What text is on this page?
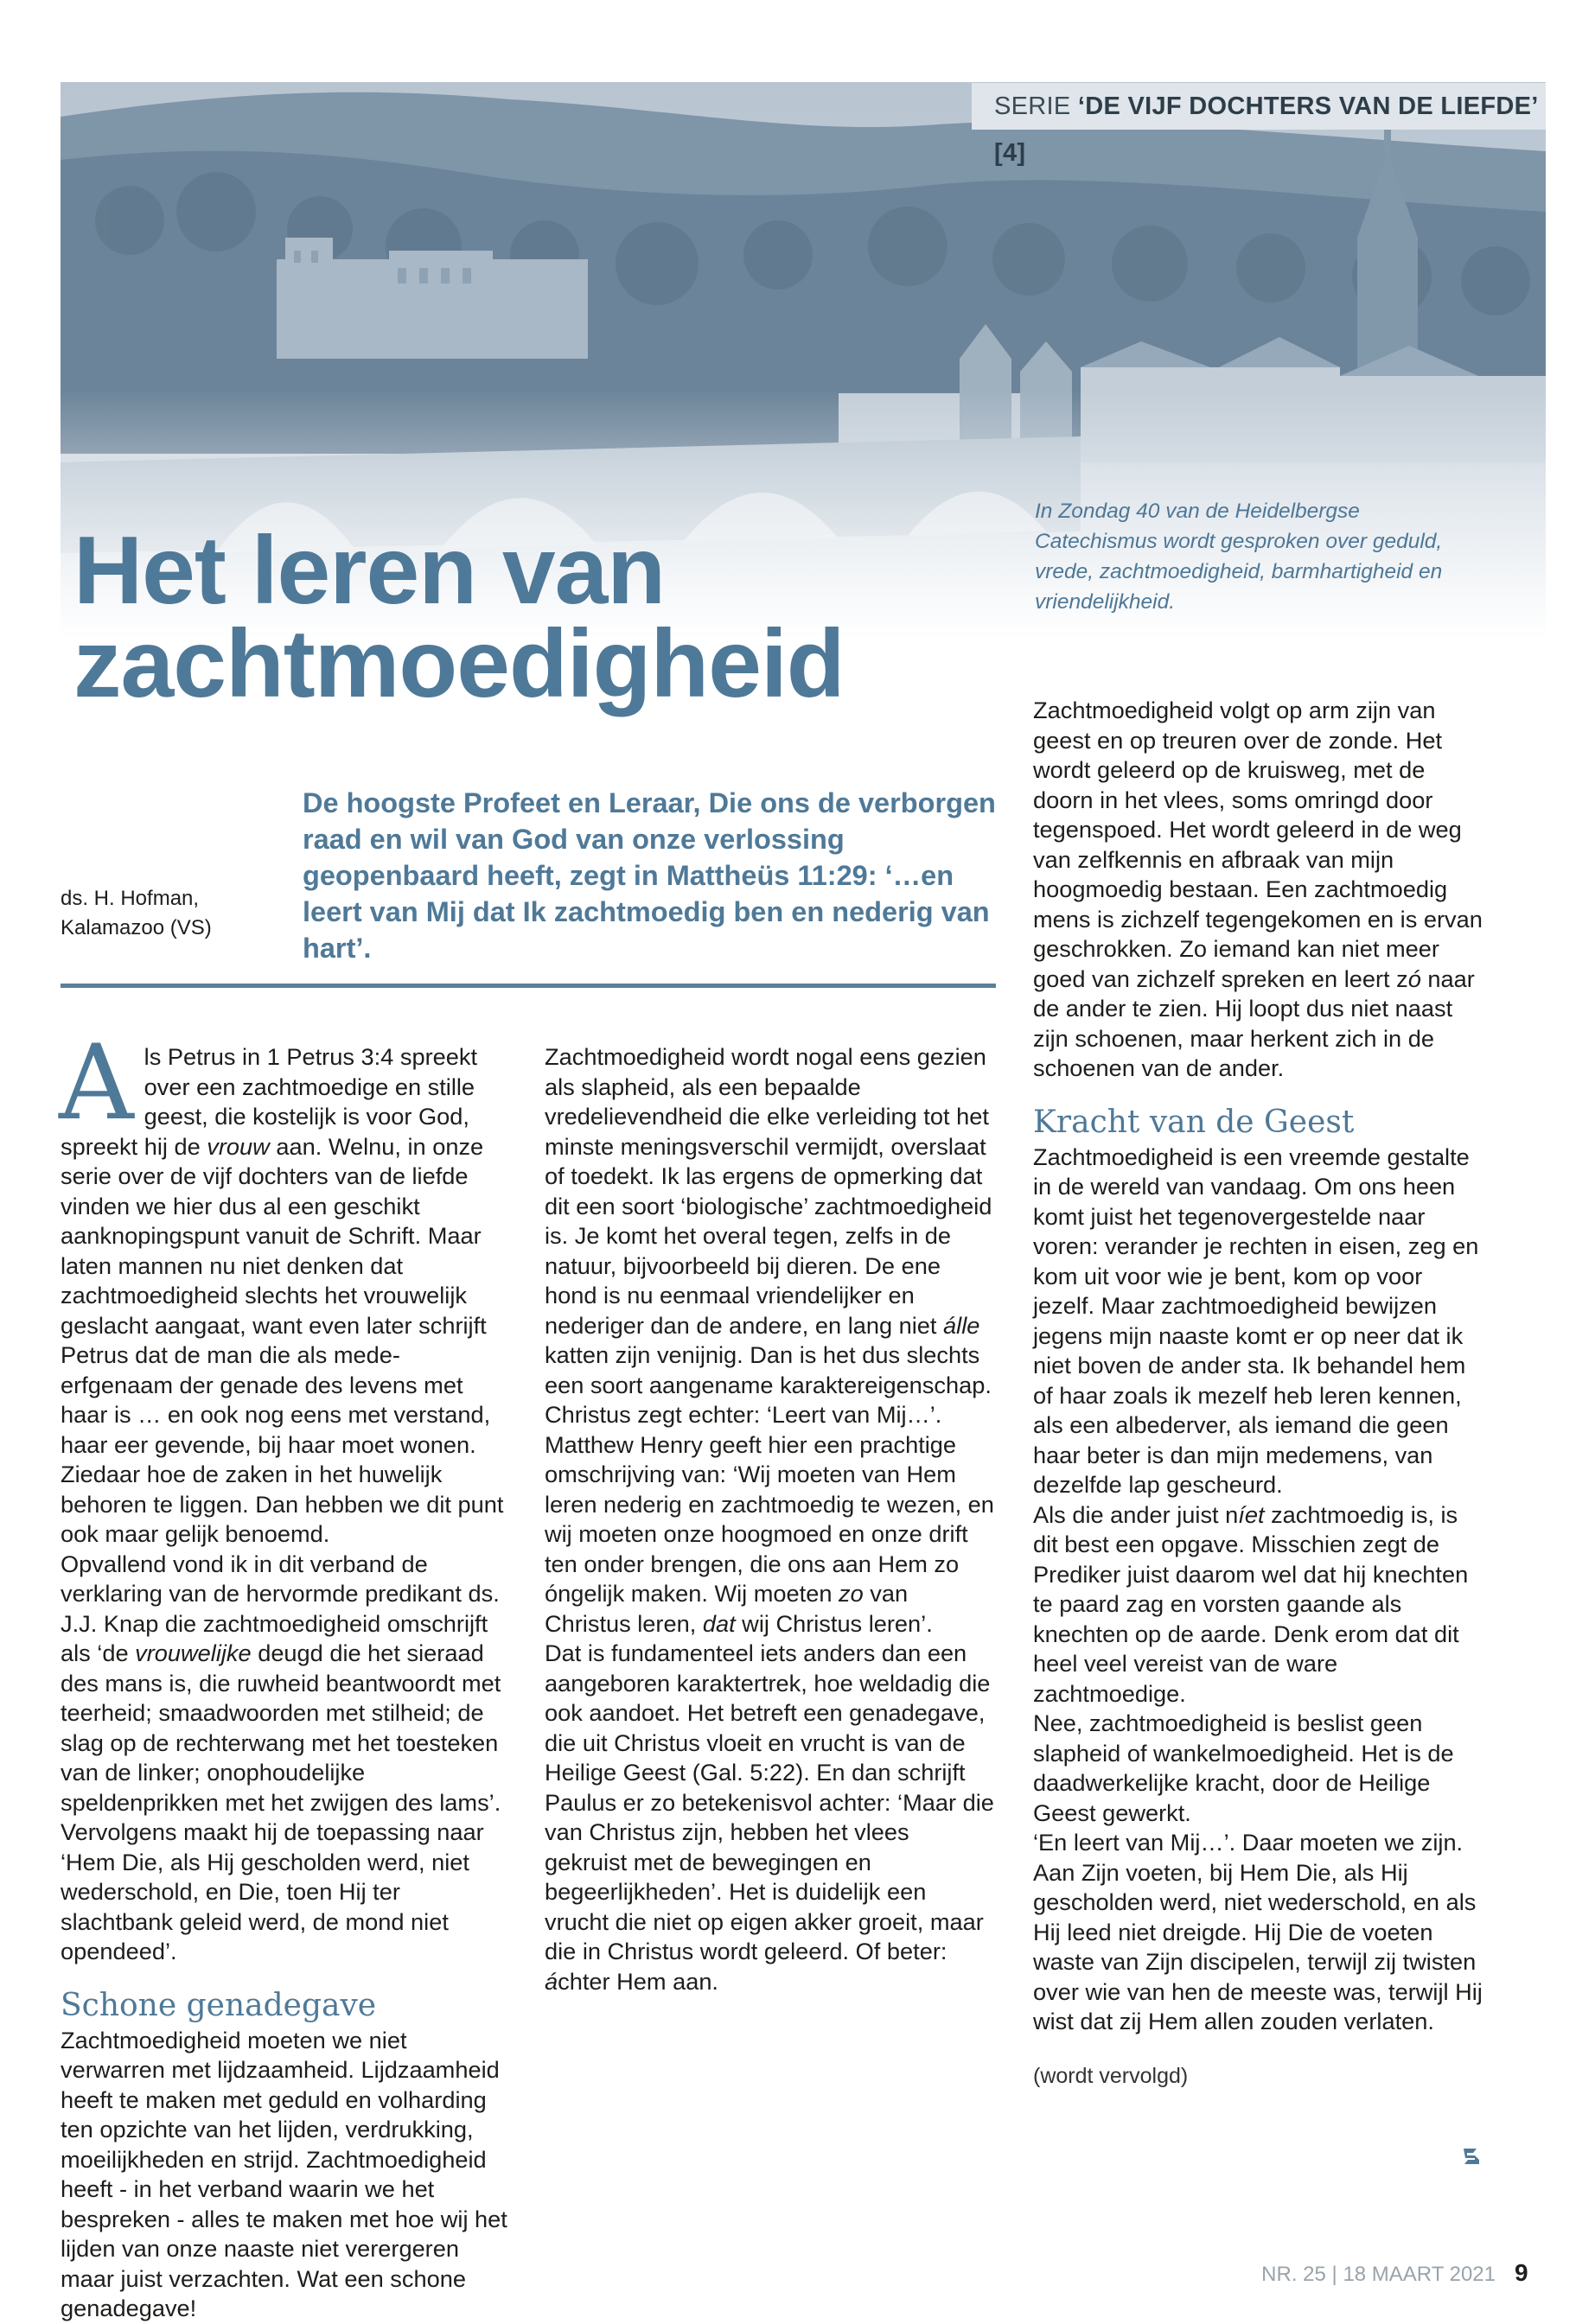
SERIE ‘DE VIJF DOCHTERS VAN DE LIEFDE’ [4]
In Zondag 40 van de Heidelbergse Catechismus wordt gesproken over geduld, vrede, zachtmoedigheid, barmhartigheid en vriendelijkheid.
Het leren van
zachtmoedigheid
ds. H. Hofman,
Kalamazoo (VS)
De hoogste Profeet en Leraar, Die ons de verborgen raad en wil van God van onze verlossing geopenbaard heeft, zegt in Mattheüs 11:29: ‘…en leert van Mij dat Ik zachtmoedig ben en nederig van hart’.

Als Petrus in 1 Petrus 3:4 spreekt over een zachtmoedige en stille geest, die kostelijk is voor God, spreekt hij de vrouw aan. Welnu, in onze serie over de vijf dochters van de liefde vinden we hier dus al een geschikt aanknopingspunt vanuit de Schrift. Maar laten mannen nu niet denken dat zachtmoedigheid slechts het vrouwelijk geslacht aangaat, want even later schrijft Petrus dat de man die als mede-erfgenaam der genade des levens met haar is … en ook nog eens met verstand, haar eer gevende, bij haar moet wonen. Ziedaar hoe de zaken in het huwelijk behoren te liggen. Dan hebben we dit punt ook maar gelijk benoemd.

Opvallend vond ik in dit verband de verklaring van de hervormde predikant ds. J.J. Knap die zachtmoedigheid omschrijft als ‘de vrouwelijke deugd die het sieraad des mans is, die ruwheid beantwoordt met teerheid; smaadwoorden met stilheid; de slag op de rechterwang met het toesteken van de linker; onophoudelijke speldenprikken met het zwijgen des lams’. Vervolgens maakt hij de toepassing naar ‘Hem Die, als Hij gescholden werd, niet wederschold, en Die, toen Hij ter slachtbank geleid werd, de mond niet opendeed’.

Schone genadegave

Zachtmoedigheid moeten we niet verwarren met lijdzaamheid. Lijdzaamheid heeft te maken met geduld en volharding ten opzichte van het lijden, verdrukking, moeilijkheden en strijd. Zachtmoedigheid heeft - in het verband waarin we het bespreken - alles te maken met hoe wij het lijden van onze naaste niet verergeren maar juist verzachten. Wat een schone genadegave!

Zachtmoedigheid wordt nogal eens gezien als slapheid, als een bepaalde vredelievendheid die elke verleiding tot het minste meningsverschil vermijdt, overslaat of toedekt. Ik las ergens de opmerking dat dit een soort ‘biologische’ zachtmoedigheid is. Je komt het overal tegen, zelfs in de natuur, bijvoorbeeld bij dieren. De ene hond is nu eenmaal vriendelijker en nederiger dan de andere, en lang niet álle katten zijn venijnig. Dan is het dus slechts een soort aangename karaktereigenschap.

Christus zegt echter: ‘Leert van Mij…’. Matthew Henry geeft hier een prachtige omschrijving van: ‘Wij moeten van Hem leren nederig en zachtmoedig te wezen, en wij moeten onze hoogmoed en onze drift ten onder brengen, die ons aan Hem zo óngelijk maken. Wij moeten zo van Christus leren, dat wij Christus leren’.

Dat is fundamenteel iets anders dan een aangeboren karaktertrek, hoe weldadig die ook aandoet. Het betreft een genadegave, die uit Christus vloeit en vrucht is van de Heilige Geest (Gal. 5:22). En dan schrijft Paulus er zo betekenisvol achter: ‘Maar die van Christus zijn, hebben het vlees gekruist met de bewegingen en begeerlijkheden’. Het is duidelijk een vrucht die niet op eigen akker groeit, maar die in Christus wordt geleerd. Of beter: áchter Hem aan.

Zachtmoedigheid volgt op arm zijn van geest en op treuren over de zonde. Het wordt geleerd op de kruisweg, met de doorn in het vlees, soms omringd door tegenspoed. Het wordt geleerd in de weg van zelfkennis en afbraak van mijn hoogmoedig bestaan. Een zachtmoedig mens is zichzelf tegengekomen en is ervan geschrokken. Zo iemand kan niet meer goed van zichzelf spreken en leert zó naar de ander te zien. Hij loopt dus niet naast zijn schoenen, maar herkent zich in de schoenen van de ander.

Kracht van de Geest

Zachtmoedigheid is een vreemde gestalte in de wereld van vandaag. Om ons heen komt juist het tegenovergestelde naar voren: verander je rechten in eisen, zeg en kom uit voor wie je bent, kom op voor jezelf. Maar zachtmoedigheid bewijzen jegens mijn naaste komt er op neer dat ik niet boven de ander sta. Ik behandel hem of haar zoals ik mezelf heb leren kennen, als een albederver, als iemand die geen haar beter is dan mijn medemens, van dezelfde lap gescheurd.

Als die ander juist níet zachtmoedig is, is dit best een opgave. Misschien zegt de Prediker juist daarom wel dat hij knechten te paard zag en vorsten gaande als knechten op de aarde. Denk erom dat dit heel veel vereist van de ware zachtmoedige.

Nee, zachtmoedigheid is beslist geen slapheid of wankelmoedigheid. Het is de daadwerkelijke kracht, door de Heilige Geest gewerkt.

‘En leert van Mij…’. Daar moeten we zijn. Aan Zijn voeten, bij Hem Die, als Hij gescholden werd, niet wederschold, en als Hij leed niet dreigde. Hij Die de voeten waste van Zijn discipelen, terwijl zij twisten over wie van hen de meeste was, terwijl Hij wist dat zij Hem allen zouden verlaten.

(wordt vervolgd)

NR. 25 | 18 MAART 2021 9
